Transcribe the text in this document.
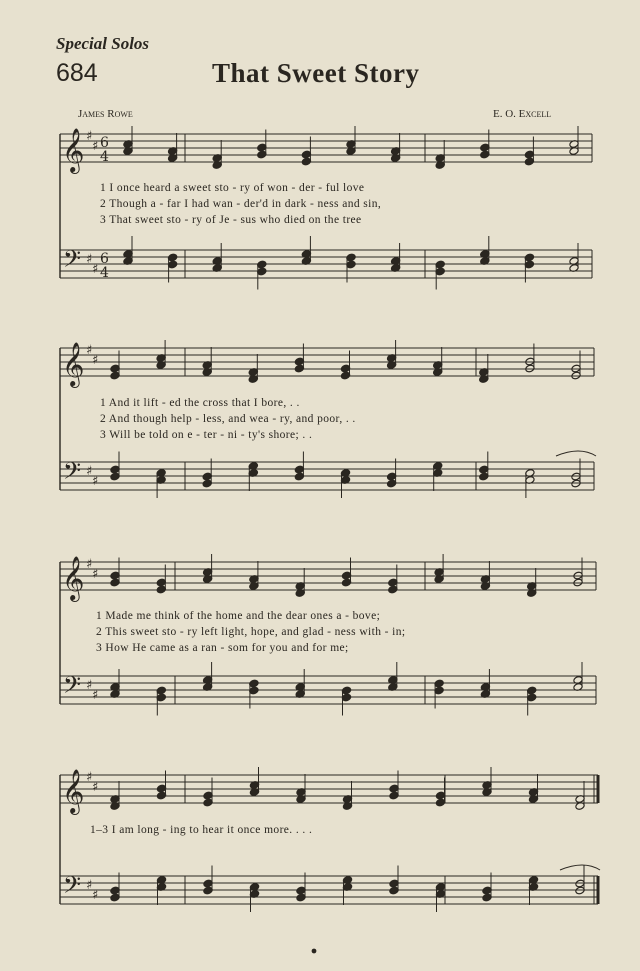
Special Solos
684	That Sweet Story
James Rowe	E. O. Excell
1 I once heard a sweet sto - ry of won - der - ful love
2 Though a - far I had wan - der'd in dark - ness and sin,
3 That sweet sto - ry of Je - sus who died on the tree
1 And it lift - ed the cross that I bore, . .
2 And though help - less, and wea - ry, and poor, . .
3 Will be told on e - ter - ni - ty's shore; . .
1 Made me think of the home and the dear ones a - bove;
2 This sweet sto - ry left light, hope, and glad - ness with - in;
3 How He came as a ran - som for you and for me;
1–3 I am long - ing to hear it once more. . . .
𝄞
𝄢
♯
♯
♯
♯
6
4
6
4
𝄞
𝄢
♯
♯
♯
♯
𝄞
𝄢
♯
♯
♯
♯
𝄞
𝄢
♯
♯
♯
♯
